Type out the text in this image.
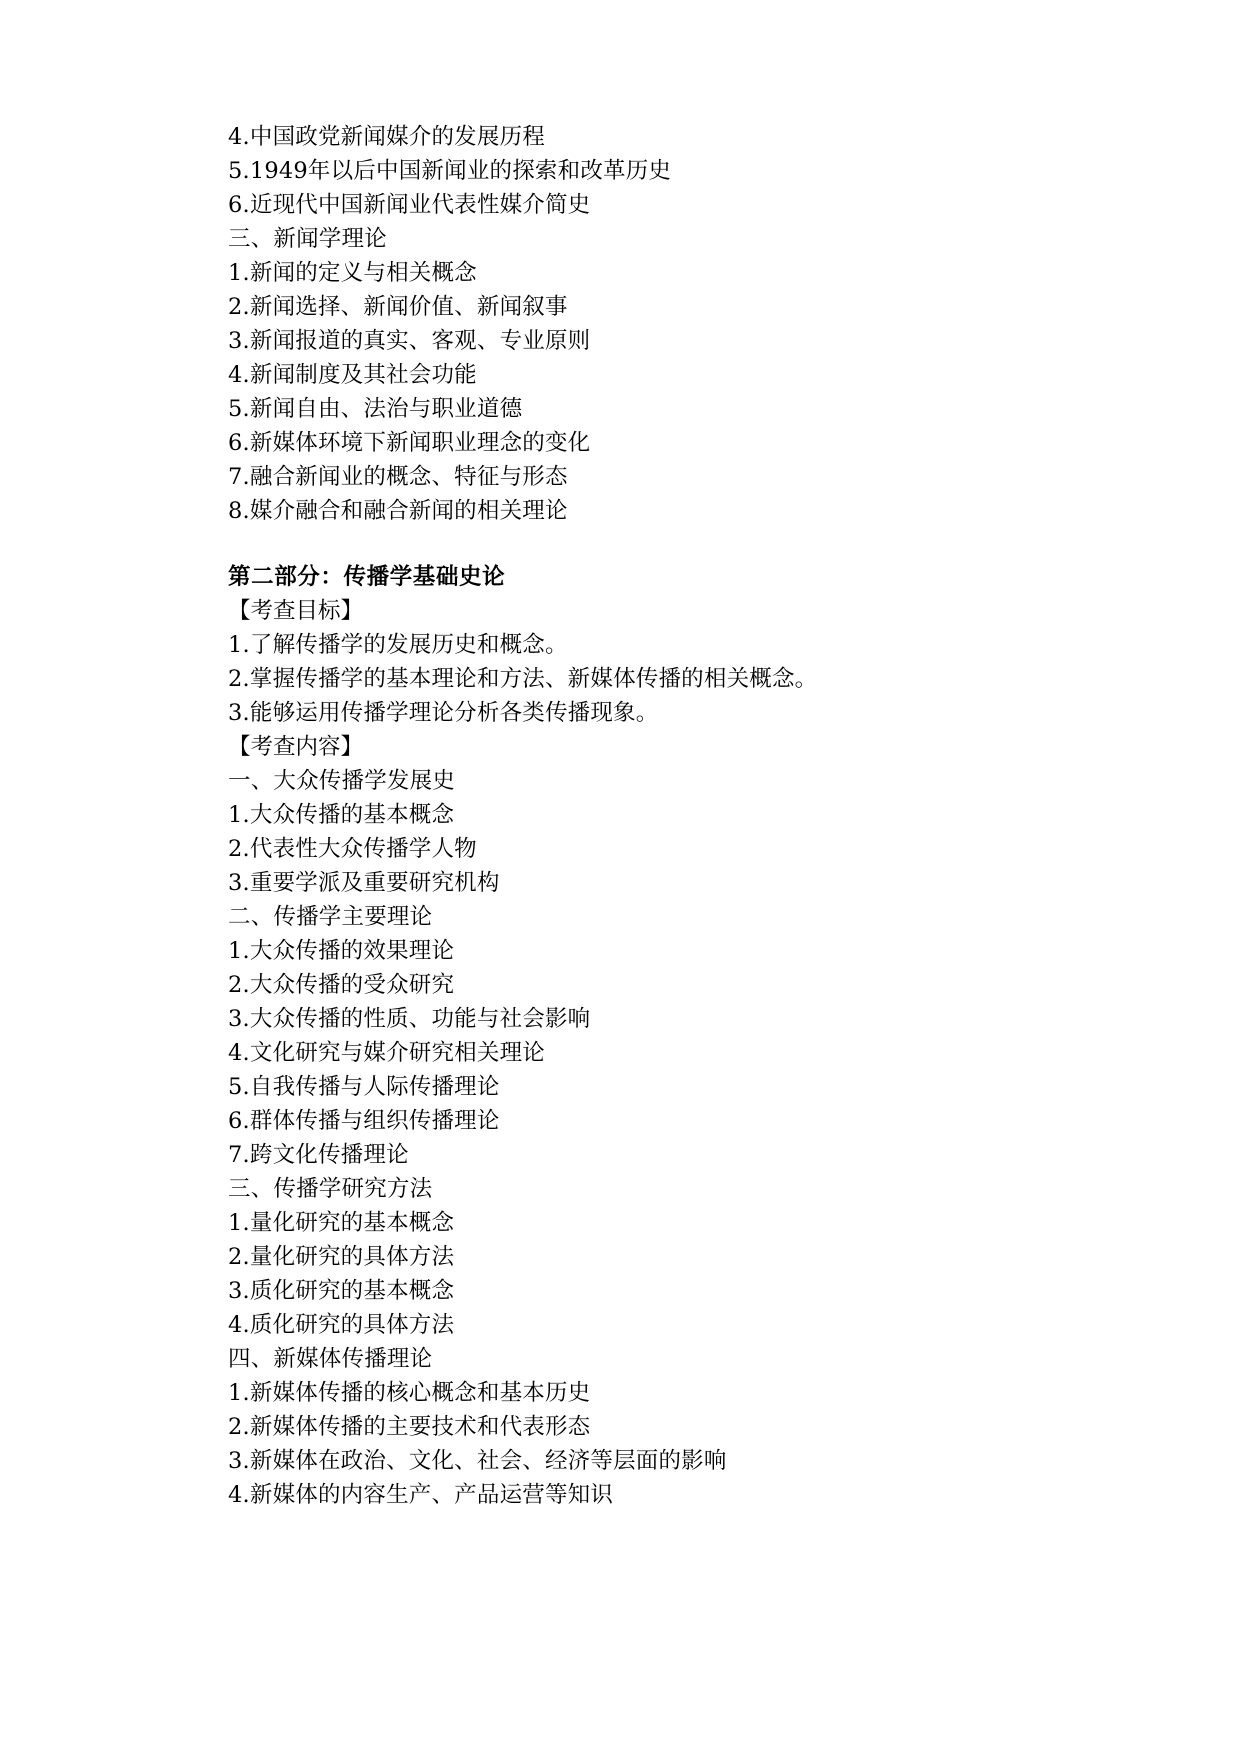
4.中国政党新闻媒介的发展历程
5.1949年以后中国新闻业的探索和改革历史
6.近现代中国新闻业代表性媒介简史
三、新闻学理论
1.新闻的定义与相关概念
2.新闻选择、新闻价值、新闻叙事
3.新闻报道的真实、客观、专业原则
4.新闻制度及其社会功能
5.新闻自由、法治与职业道德
6.新媒体环境下新闻职业理念的变化
7.融合新闻业的概念、特征与形态
8.媒介融合和融合新闻的相关理论
第二部分：传播学基础史论
【考查目标】
1.了解传播学的发展历史和概念。
2.掌握传播学的基本理论和方法、新媒体传播的相关概念。
3.能够运用传播学理论分析各类传播现象。
【考查内容】
一、大众传播学发展史
1.大众传播的基本概念
2.代表性大众传播学人物
3.重要学派及重要研究机构
二、传播学主要理论
1.大众传播的效果理论
2.大众传播的受众研究
3.大众传播的性质、功能与社会影响
4.文化研究与媒介研究相关理论
5.自我传播与人际传播理论
6.群体传播与组织传播理论
7.跨文化传播理论
三、传播学研究方法
1.量化研究的基本概念
2.量化研究的具体方法
3.质化研究的基本概念
4.质化研究的具体方法
四、新媒体传播理论
1.新媒体传播的核心概念和基本历史
2.新媒体传播的主要技术和代表形态
3.新媒体在政治、文化、社会、经济等层面的影响
4.新媒体的内容生产、产品运营等知识
